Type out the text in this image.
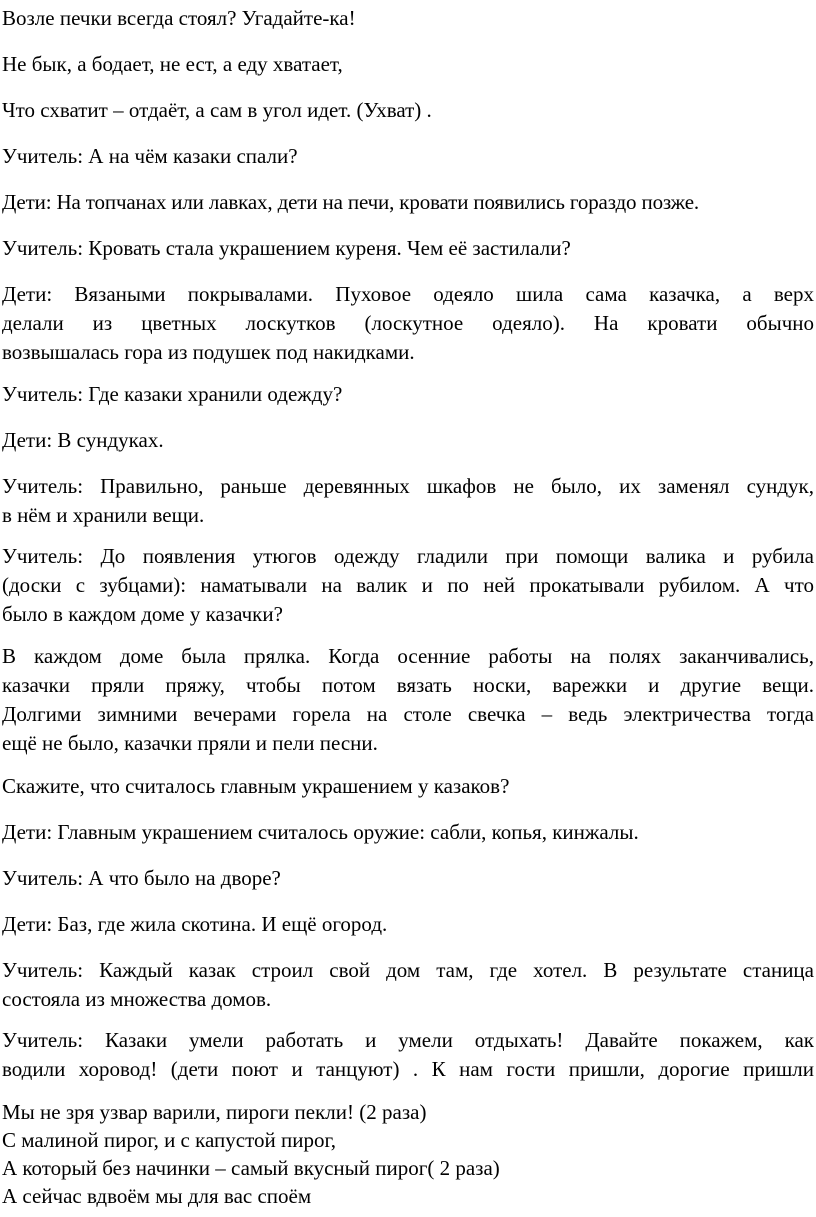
Возле печки всегда стоял? Угадайте-ка!
Не бык, а бодает, не ест, а еду хватает,
Что схватит – отдаёт, а сам в угол идет. (Ухват) .
Учитель: А на чём казаки спали?
Дети: На топчанах или лавках, дети на печи, кровати появились гораздо позже.
Учитель: Кровать стала украшением куреня. Чем её застилали?
Дети: Вязаными покрывалами. Пуховое одеяло шила сама казачка, а верх
делали из цветных лоскутков (лоскутное одеяло). На кровати обычно
возвышалась гора из подушек под накидками.
Учитель: Где казаки хранили одежду?
Дети: В сундуках.
Учитель: Правильно, раньше деревянных шкафов не было, их заменял сундук,
в нём и хранили вещи.
Учитель: До появления утюгов одежду гладили при помощи валика и рубила
(доски с зубцами): наматывали на валик и по ней прокатывали рубилом. А что
было в каждом доме у казачки?
В каждом доме была прялка. Когда осенние работы на полях заканчивались,
казачки пряли пряжу, чтобы потом вязать носки, варежки и другие вещи.
Долгими зимними вечерами горела на столе свечка – ведь электричества тогда
ещё не было, казачки пряли и пели песни.
Скажите, что считалось главным украшением у казаков?
Дети: Главным украшением считалось оружие: сабли, копья, кинжалы.
Учитель: А что было на дворе?
Дети: Баз, где жила скотина. И ещё огород.
Учитель: Каждый казак строил свой дом там, где хотел. В результате станица
состояла из множества домов.
Учитель: Казаки умели работать и умели отдыхать! Давайте покажем, как
водили хоровод! (дети поют и танцуют) . К нам гости пришли, дорогие пришли
Мы не зря узвар варили, пироги пекли! (2 раза)
С малиной пирог, и с капустой пирог,
А который без начинки – самый вкусный пирог( 2 раза)
А сейчас вдвоём мы для вас споём
